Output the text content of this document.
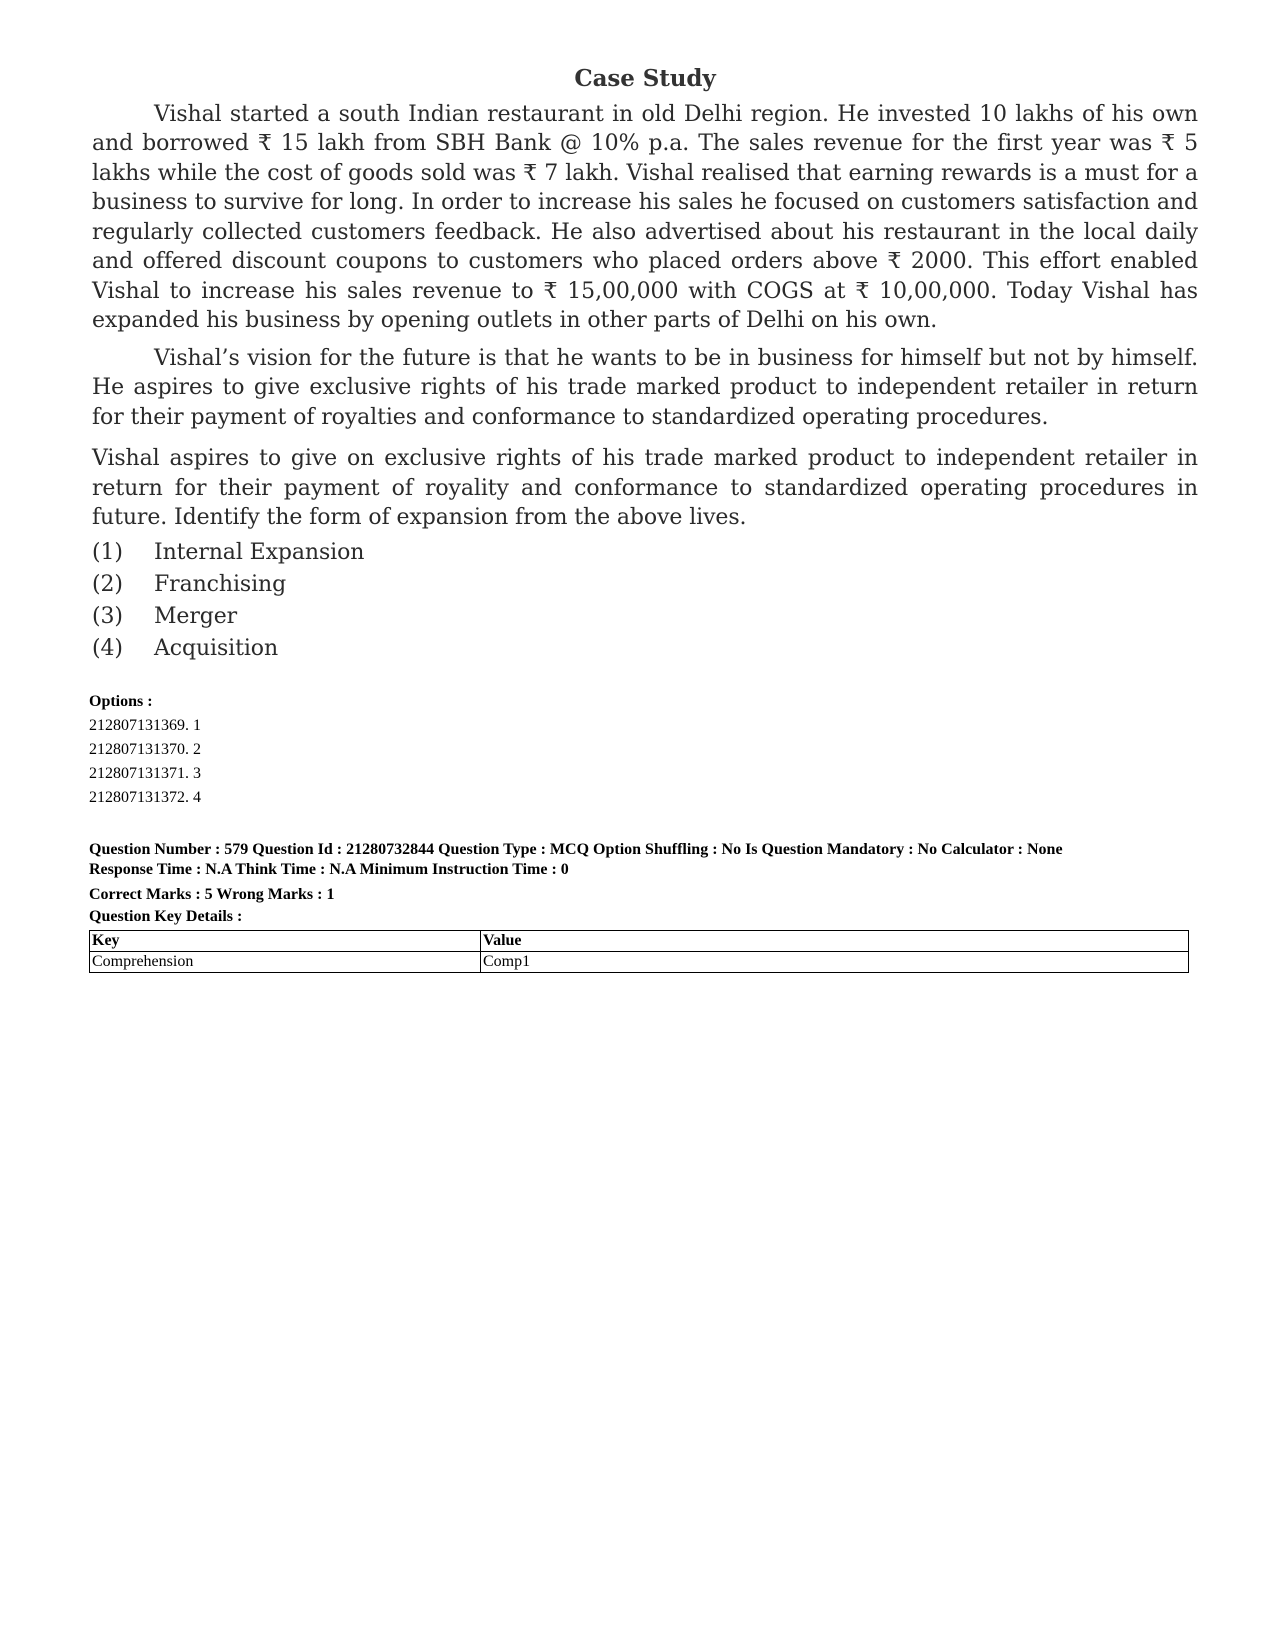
Case Study

Vishal started a south Indian restaurant in old Delhi region. He invested 10 lakhs of his own and borrowed ₹ 15 lakh from SBH Bank @ 10% p.a. The sales revenue for the first year was ₹ 5 lakhs while the cost of goods sold was ₹ 7 lakh. Vishal realised that earning rewards is a must for a business to survive for long. In order to increase his sales he focused on customers satisfaction and regularly collected customers feedback. He also advertised about his restaurant in the local daily and offered discount coupons to customers who placed orders above ₹ 2000. This effort enabled Vishal to increase his sales revenue to ₹ 15,00,000 with COGS at ₹ 10,00,000. Today Vishal has expanded his business by opening outlets in other parts of Delhi on his own.

Vishal’s vision for the future is that he wants to be in business for himself but not by himself. He aspires to give exclusive rights of his trade marked product to independent retailer in return for their payment of royalties and conformance to standardized operating procedures.

Vishal aspires to give on exclusive rights of his trade marked product to independent retailer in return for their payment of royality and conformance to standardized operating procedures in future. Identify the form of expansion from the above lives.

(1)	Internal Expansion
(2)	Franchising
(3)	Merger
(4)	Acquisition
Options :
212807131369. 1
212807131370. 2
212807131371. 3
212807131372. 4
Question Number : 579 Question Id : 21280732844 Question Type : MCQ Option Shuffling : No Is Question Mandatory : No Calculator : None
Response Time : N.A Think Time : N.A Minimum Instruction Time : 0
Correct Marks : 5 Wrong Marks : 1
Question Key Details :
Key	Value
Comprehension	Comp1
